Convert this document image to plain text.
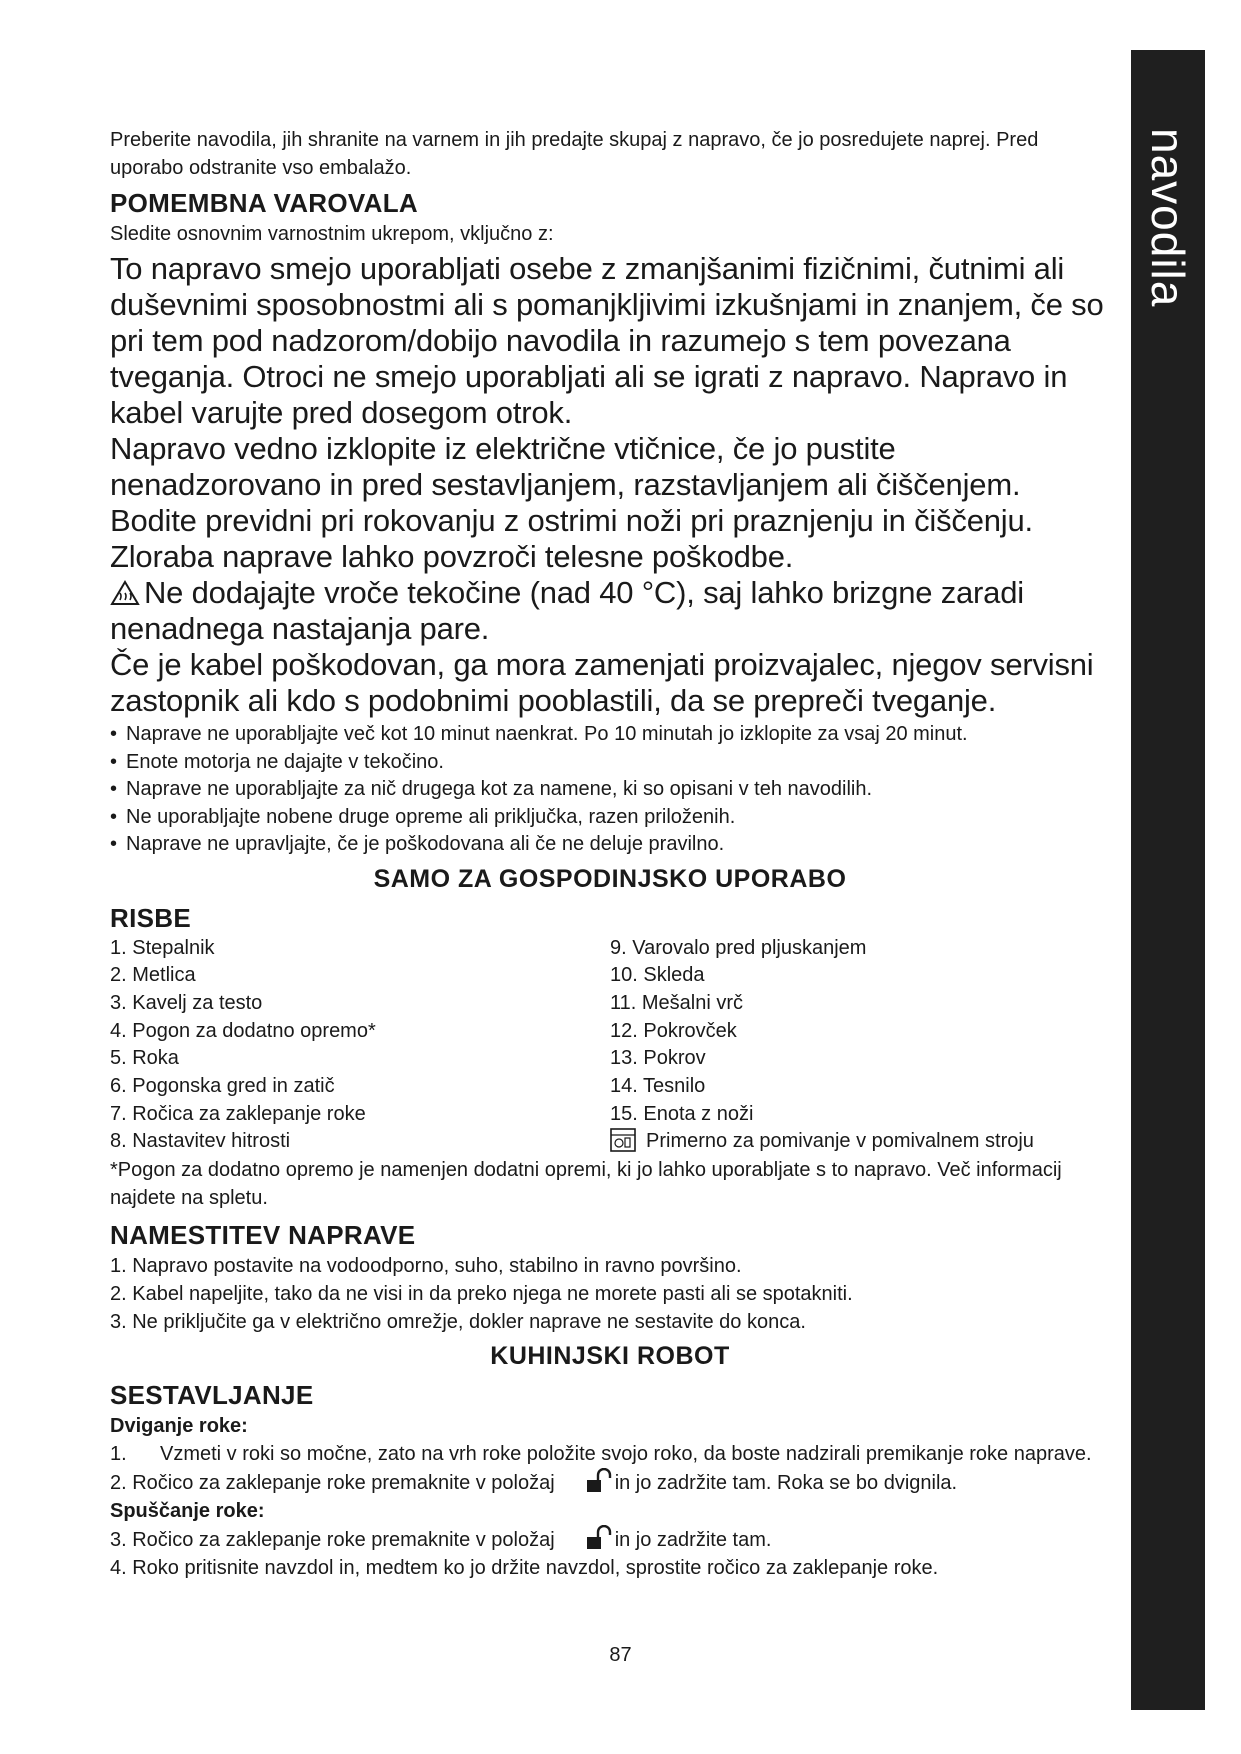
navodila

Preberite navodila, jih shranite na varnem in jih predajte skupaj z napravo, če jo posredujete naprej. Pred uporabo odstranite vso embalažo.

POMEMBNA VAROVALA

Sledite osnovnim varnostnim ukrepom, vključno z:

To napravo smejo uporabljati osebe z zmanjšanimi fizičnimi, čutnimi ali duševnimi sposobnostmi ali s pomanjkljivimi izkušnjami in znanjem, če so pri tem pod nadzorom/dobijo navodila in razumejo s tem povezana tveganja. Otroci ne smejo uporabljati ali se igrati z napravo. Napravo in kabel varujte pred dosegom otrok.

Napravo vedno izklopite iz električne vtičnice, če jo pustite nenadzorovano in pred sestavljanjem, razstavljanjem ali čiščenjem.

Bodite previdni pri rokovanju z ostrimi noži pri praznjenju in čiščenju. Zloraba naprave lahko povzroči telesne poškodbe.

Ne dodajajte vroče tekočine (nad 40 °C), saj lahko brizgne zaradi nenadnega nastajanja pare.

Če je kabel poškodovan, ga mora zamenjati proizvajalec, njegov servisni zastopnik ali kdo s podobnimi pooblastili, da se prepreči tveganje.

• Naprave ne uporabljajte več kot 10 minut naenkrat. Po 10 minutah jo izklopite za vsaj 20 minut.
• Enote motorja ne dajajte v tekočino.
• Naprave ne uporabljajte za nič drugega kot za namene, ki so opisani v teh navodilih.
• Ne uporabljajte nobene druge opreme ali priključka, razen priloženih.
• Naprave ne upravljajte, če je poškodovana ali če ne deluje pravilno.

SAMO ZA GOSPODINJSKO UPORABO

RISBE

1. Stepalnik
2. Metlica
3. Kavelj za testo
4. Pogon za dodatno opremo*
5. Roka
6. Pogonska gred in zatič
7. Ročica za zaklepanje roke
8. Nastavitev hitrosti
9. Varovalo pred pljuskanjem
10. Skleda
11. Mešalni vrč
12. Pokrovček
13. Pokrov
14. Tesnilo
15. Enota z noži
Primerno za pomivanje v pomivalnem stroju

*Pogon za dodatno opremo je namenjen dodatni opremi, ki jo lahko uporabljate s to napravo. Več informacij najdete na spletu.

NAMESTITEV NAPRAVE

1. Napravo postavite na vodoodporno, suho, stabilno in ravno površino.

2. Kabel napeljite, tako da ne visi in da preko njega ne morete pasti ali se spotakniti.

3. Ne priključite ga v električno omrežje, dokler naprave ne sestavite do konca.

KUHINJSKI ROBOT

SESTAVLJANJE

Dviganje roke:

1.	Vzmeti v roki so močne, zato na vrh roke položite svojo roko, da boste nadzirali premikanje roke naprave.

2. Ročico za zaklepanje roke premaknite v položaj	in jo zadržite tam. Roka se bo dvignila.

Spuščanje roke:

3. Ročico za zaklepanje roke premaknite v položaj	in jo zadržite tam.

4. Roko pritisnite navzdol in, medtem ko jo držite navzdol, sprostite ročico za zaklepanje roke.

87
